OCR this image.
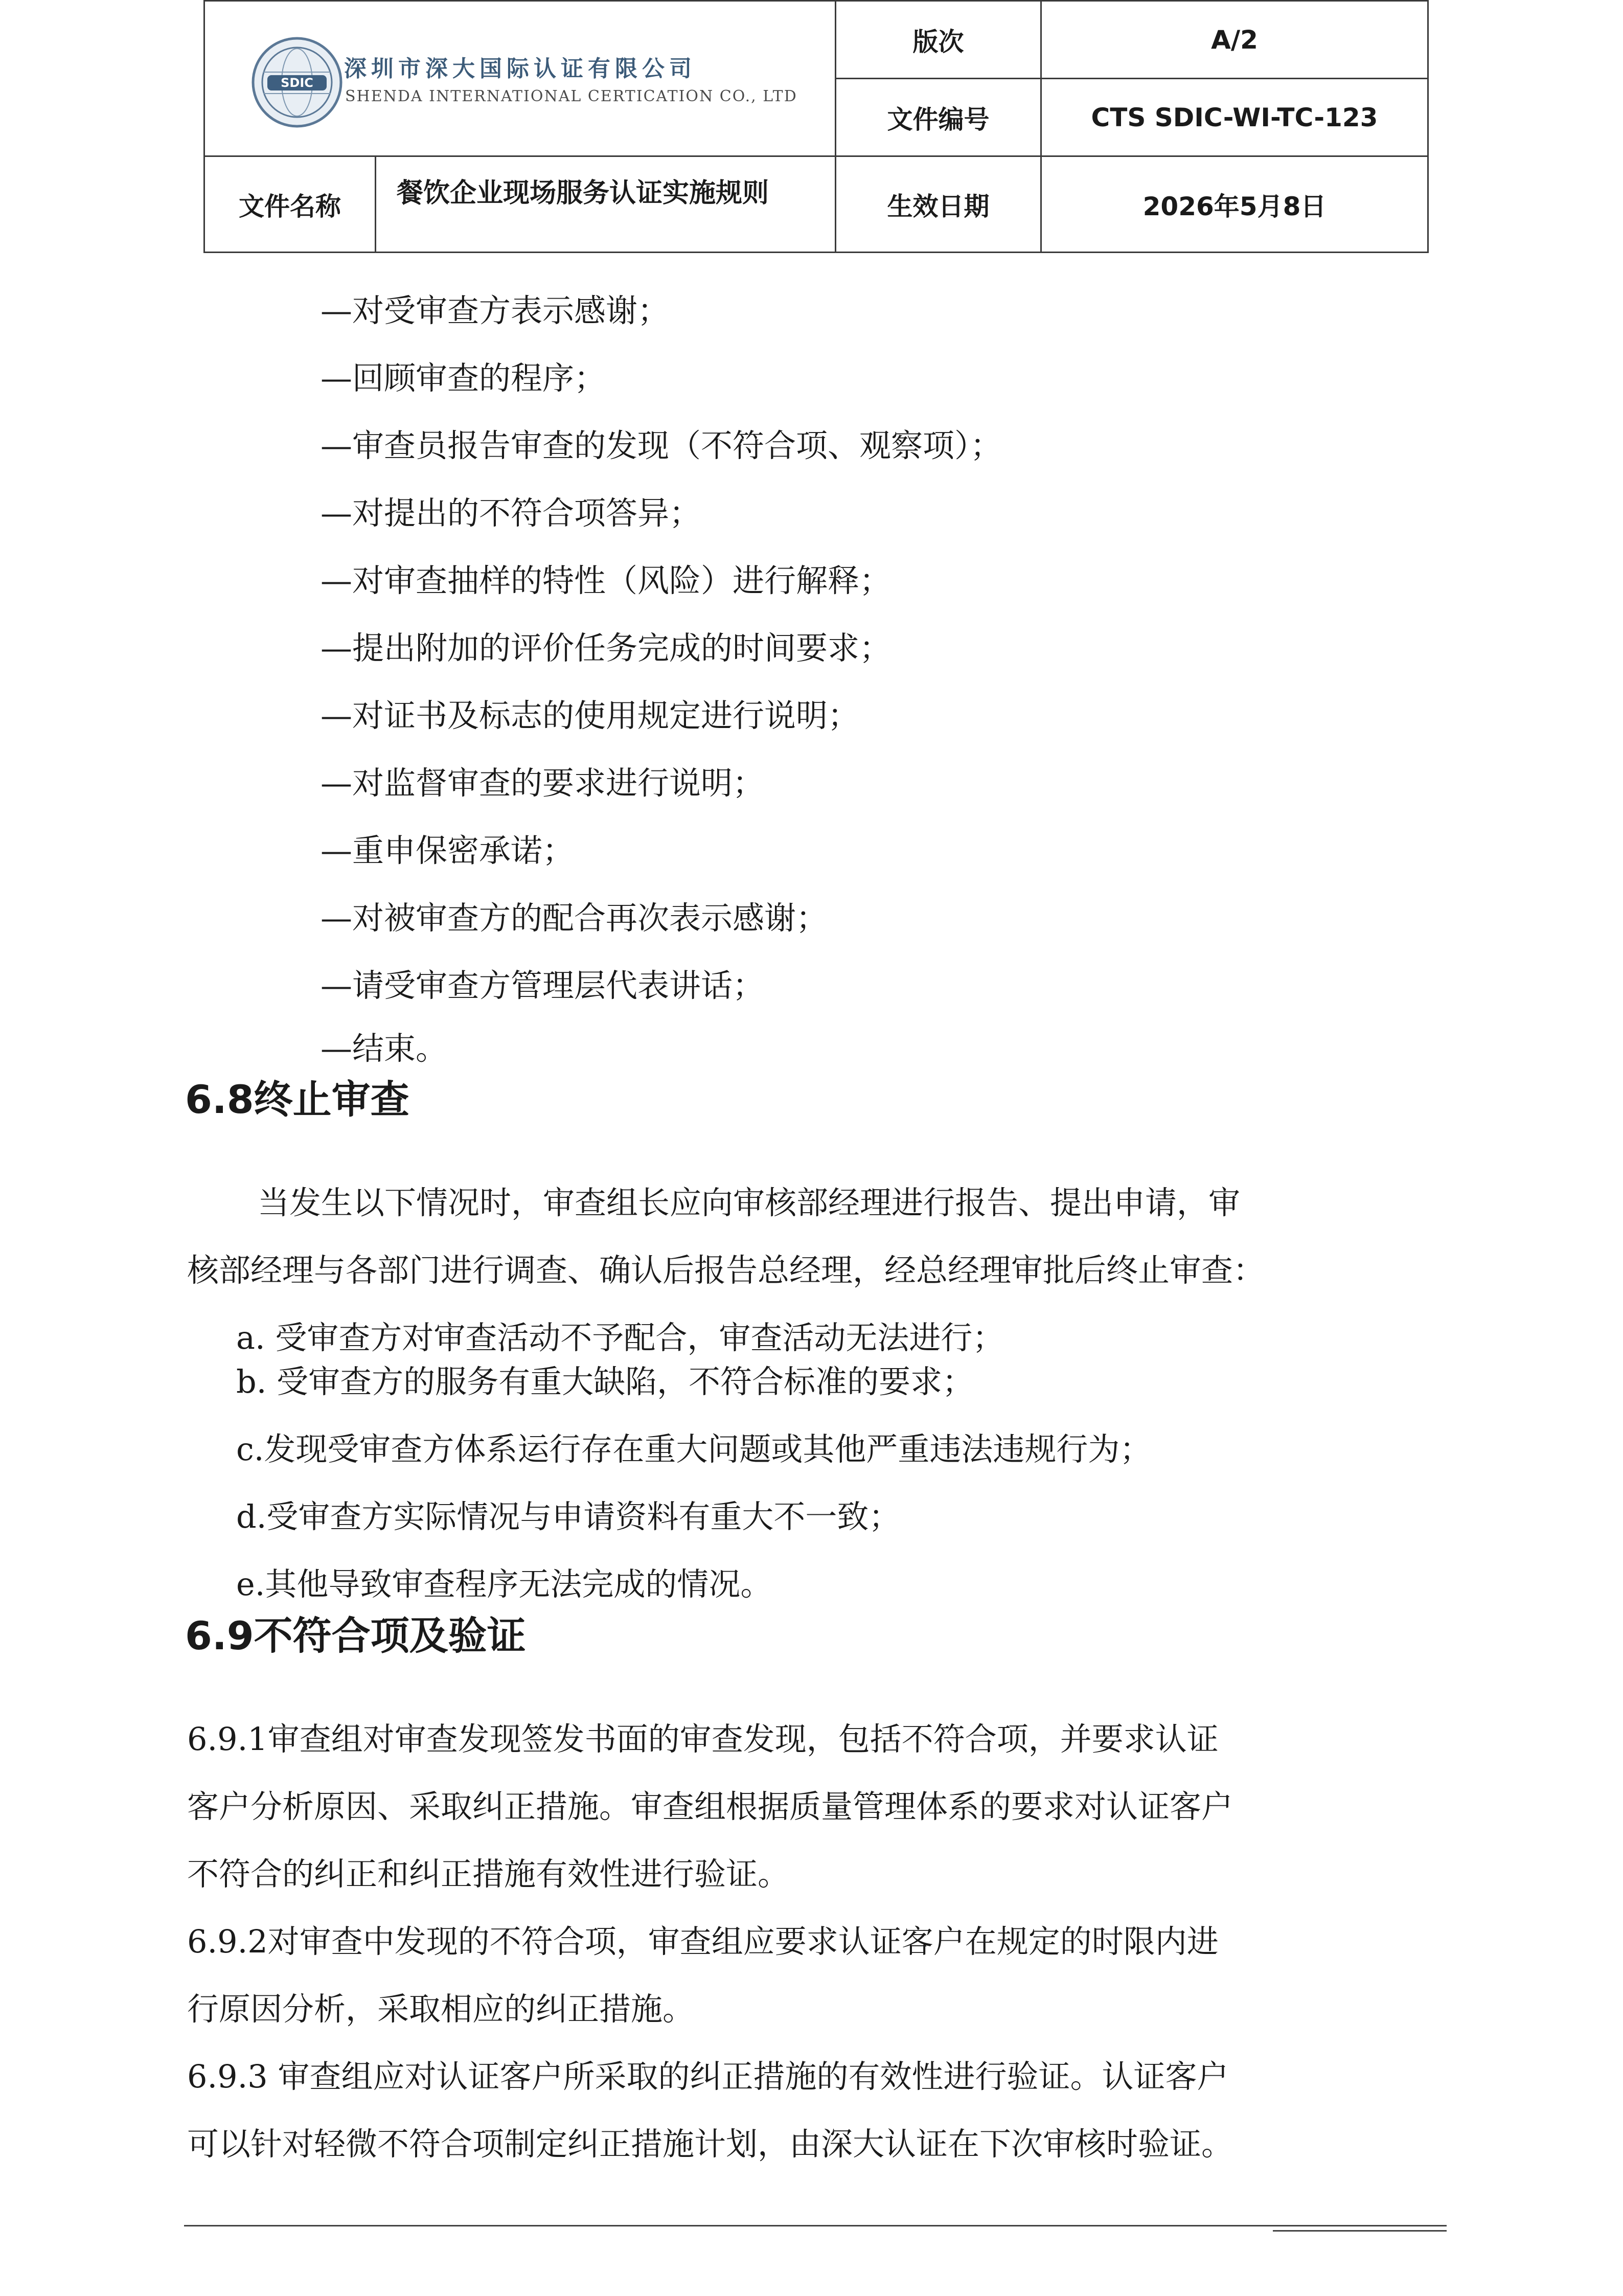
SDIC
深圳市深大国际认证有限公司
SHENDA INTERNATIONAL CERTICATION CO., LTD		版次	A/2
		文件编号	CTS SDIC-WI-TC-123
文件名称	餐饮企业现场服务认证实施规则	生效日期	2026年5月8日
—对受审查方表示感谢；
—回顾审查的程序；
—审查员报告审查的发现（不符合项、观察项）；
—对提出的不符合项答异；
—对审查抽样的特性（风险）进行解释；
—提出附加的评价任务完成的时间要求；
—对证书及标志的使用规定进行说明；
—对监督审查的要求进行说明；
—重申保密承诺；
—对被审查方的配合再次表示感谢；
—请受审查方管理层代表讲话；
—结束。
6.8终止审查
当发生以下情况时，审查组长应向审核部经理进行报告、提出申请，审
核部经理与各部门进行调查、确认后报告总经理，经总经理审批后终止审查：
a. 受审查方对审查活动不予配合，审查活动无法进行；
b. 受审查方的服务有重大缺陷，不符合标准的要求；
c.发现受审查方体系运行存在重大问题或其他严重违法违规行为；
d.受审查方实际情况与申请资料有重大不一致；
e.其他导致审查程序无法完成的情况。
6.9不符合项及验证
6.9.1审查组对审查发现签发书面的审查发现，包括不符合项，并要求认证
客户分析原因、采取纠正措施。审查组根据质量管理体系的要求对认证客户
不符合的纠正和纠正措施有效性进行验证。
6.9.2对审查中发现的不符合项，审查组应要求认证客户在规定的时限内进
行原因分析，采取相应的纠正措施。
6.9.3 审查组应对认证客户所采取的纠正措施的有效性进行验证。认证客户
可以针对轻微不符合项制定纠正措施计划，由深大认证在下次审核时验证。
